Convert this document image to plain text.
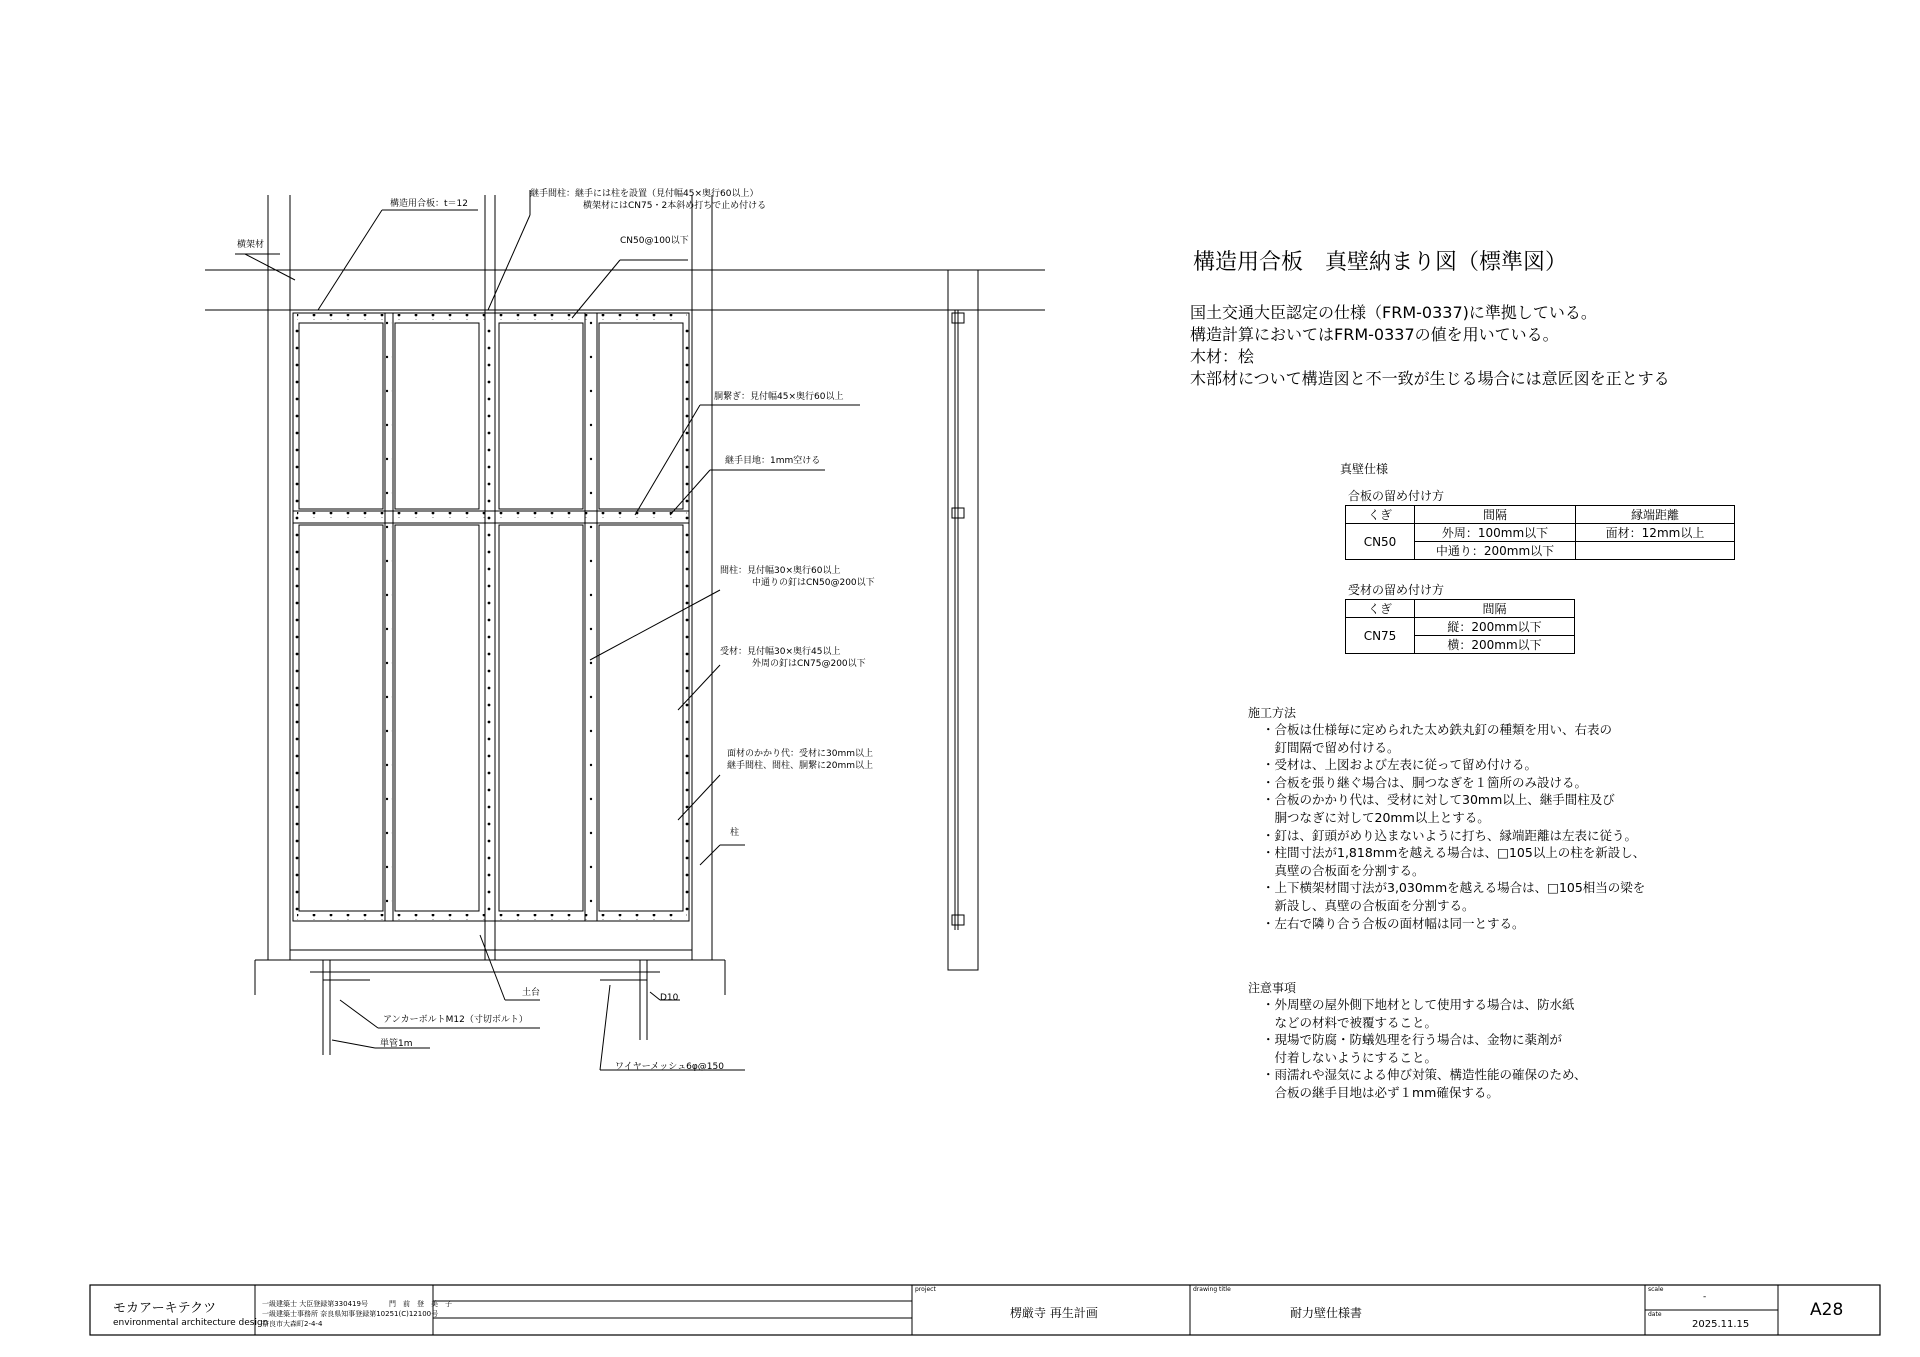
構造用合板：t＝12
継手間柱：継手には柱を設置（見付幅45×奥行60以上）
横架材にはCN75・2本斜め打ちで止め付ける
横架材	CN50@100以下
胴繋ぎ：見付幅45×奥行60以上
継手目地：1mm空ける
間柱：見付幅30×奥行60以上
中通りの釘はCN50@200以下
受材：見付幅30×奥行45以上
外周の釘はCN75@200以下
面材のかかり代：受材に30mm以上
継手間柱、間柱、胴繋に20mm以上
柱
土台	D10
アンカーボルトM12（寸切ボルト）
単管1m
ワイヤーメッシュ6φ@150
構造用合板　真壁納まり図（標準図）
国土交通大臣認定の仕様（FRM-0337)に準拠している。
構造計算においてはFRM-0337の値を用いている。
木材：桧
木部材について構造図と不一致が生じる場合には意匠図を正とする
真壁仕様
合板の留め付け方
くぎ	間隔	縁端距離
CN50	外周：100mm以下	面材：12mm以上
	中通り：200mm以下	
受材の留め付け方
くぎ	間隔
CN75	縦：200mm以下
	横：200mm以下
施工方法
・合板は仕様毎に定められた太め鉄丸釘の種類を用い、右表の
　釘間隔で留め付ける。
・受材は、上図および左表に従って留め付ける。
・合板を張り継ぐ場合は、胴つなぎを１箇所のみ設ける。
・合板のかかり代は、受材に対して30mm以上、継手間柱及び
　胴つなぎに対して20mm以上とする。
・釘は、釘頭がめり込まないように打ち、縁端距離は左表に従う。
・柱間寸法が1,818mmを越える場合は、□105以上の柱を新設し、
　真壁の合板面を分割する。
・上下横架材間寸法が3,030mmを越える場合は、□105相当の梁を
　新設し、真壁の合板面を分割する。
・左右で隣り合う合板の面材幅は同一とする。
注意事項
・外周壁の屋外側下地材として使用する場合は、防水紙
　などの材料で被覆すること。
・現場で防腐・防蟻処理を行う場合は、金物に薬剤が
　付着しないようにすること。
・雨濡れや湿気による伸び対策、構造性能の確保のため、
　合板の継手目地は必ず１mm確保する。
モカアーキテクツ
environmental architecture design
一級建築士 大臣登録第330419号　　　門　前　登　美　子
一級建築士事務所 奈良県知事登録第10251(C)12100号
奈良市大森町2-4-4
project
楞厳寺 再生計画
drawing title
耐力壁仕様書
scale
-
date
2025.11.15
A28
